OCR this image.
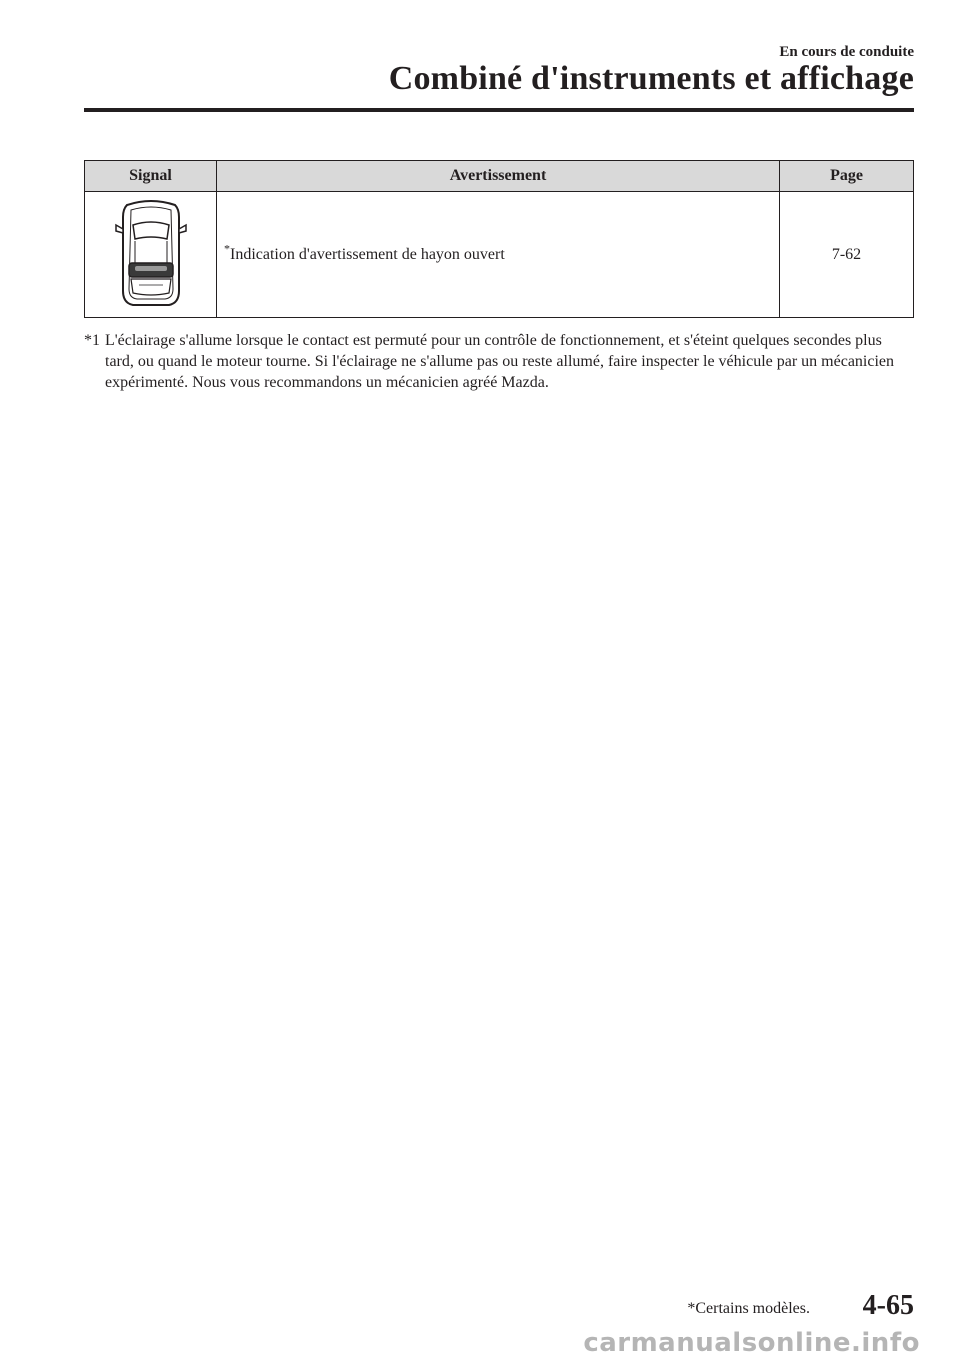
En cours de conduite
Combiné d'instruments et affichage
Signal	Avertissement	Page
	*Indication d'avertissement de hayon ouvert	7-62
*1 L'éclairage s'allume lorsque le contact est permuté pour un contrôle de fonctionnement, et s'éteint quelques secondes plus tard, ou quand le moteur tourne. Si l'éclairage ne s'allume pas ou reste allumé, faire inspecter le véhicule par un mécanicien expérimenté. Nous vous recommandons un mécanicien agréé Mazda.
*Certains modèles. 4-65
carmanualsonline.info
